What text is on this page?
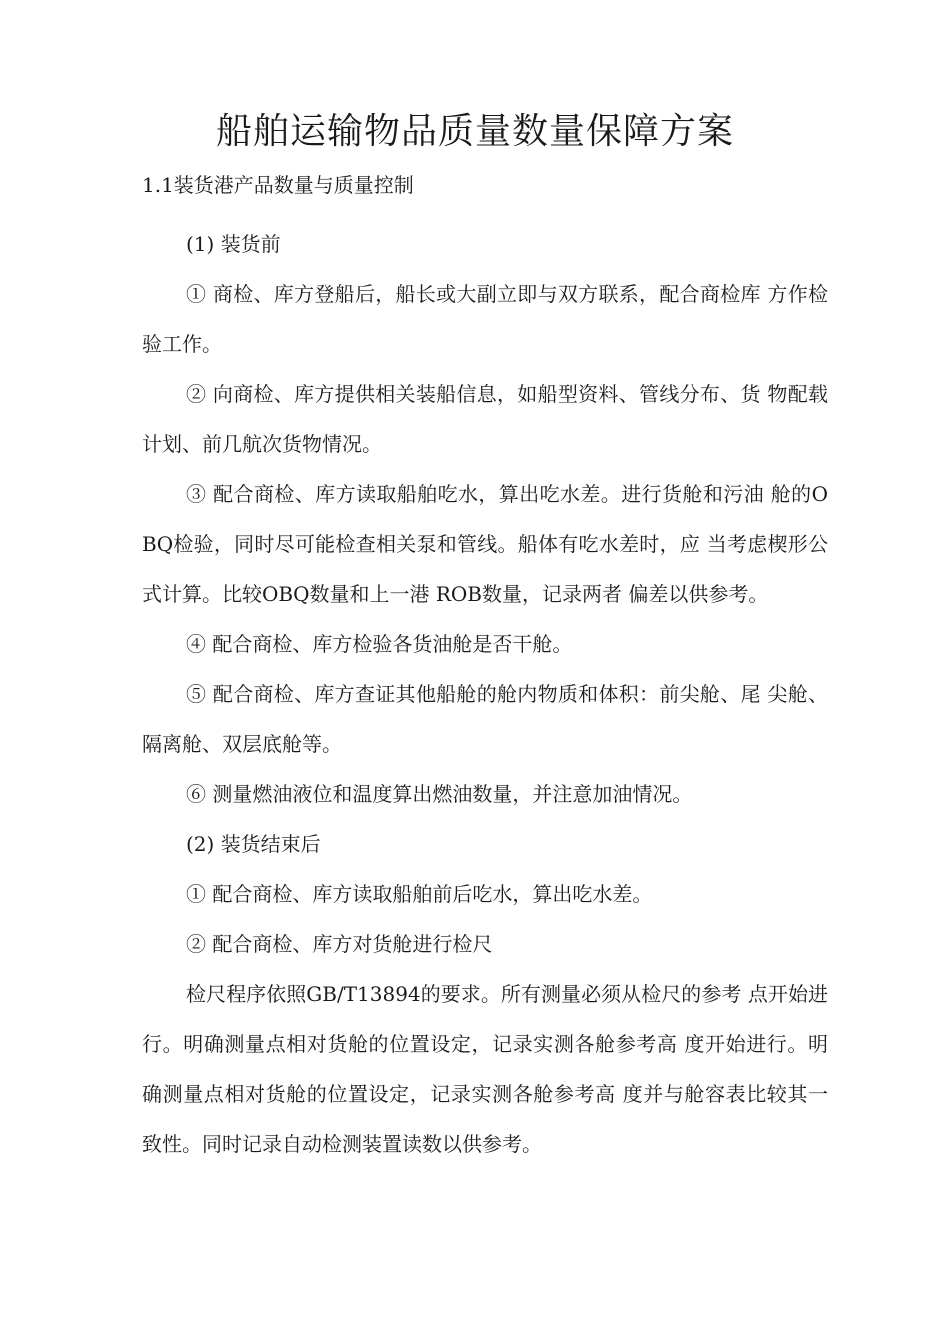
船舶运输物品质量数量保障方案

1.1装货港产品数量与质量控制

(1) 装货前

① 商检、库方登船后，船长或大副立即与双方联系，配合商检库 方作检验工作。

② 向商检、库方提供相关装船信息，如船型资料、管线分布、货 物配载计划、前几航次货物情况。

③ 配合商检、库方读取船舶吃水，算出吃水差。进行货舱和污油 舱的OBQ检验，同时尽可能检查相关泵和管线。船体有吃水差时，应 当考虑楔形公式计算。比较OBQ数量和上一港 ROB数量，记录两者 偏差以供参考。

④ 配合商检、库方检验各货油舱是否干舱。

⑤ 配合商检、库方查证其他船舱的舱内物质和体积：前尖舱、尾 尖舱、隔离舱、双层底舱等。

⑥ 测量燃油液位和温度算出燃油数量，并注意加油情况。

(2) 装货结束后

① 配合商检、库方读取船舶前后吃水，算出吃水差。

② 配合商检、库方对货舱进行检尺

检尺程序依照GB/T13894的要求。所有测量必须从检尺的参考 点开始进行。明确测量点相对货舱的位置设定，记录实测各舱参考高 度开始进行。明确测量点相对货舱的位置设定，记录实测各舱参考高 度并与舱容表比较其一致性。同时记录自动检测装置读数以供参考。
